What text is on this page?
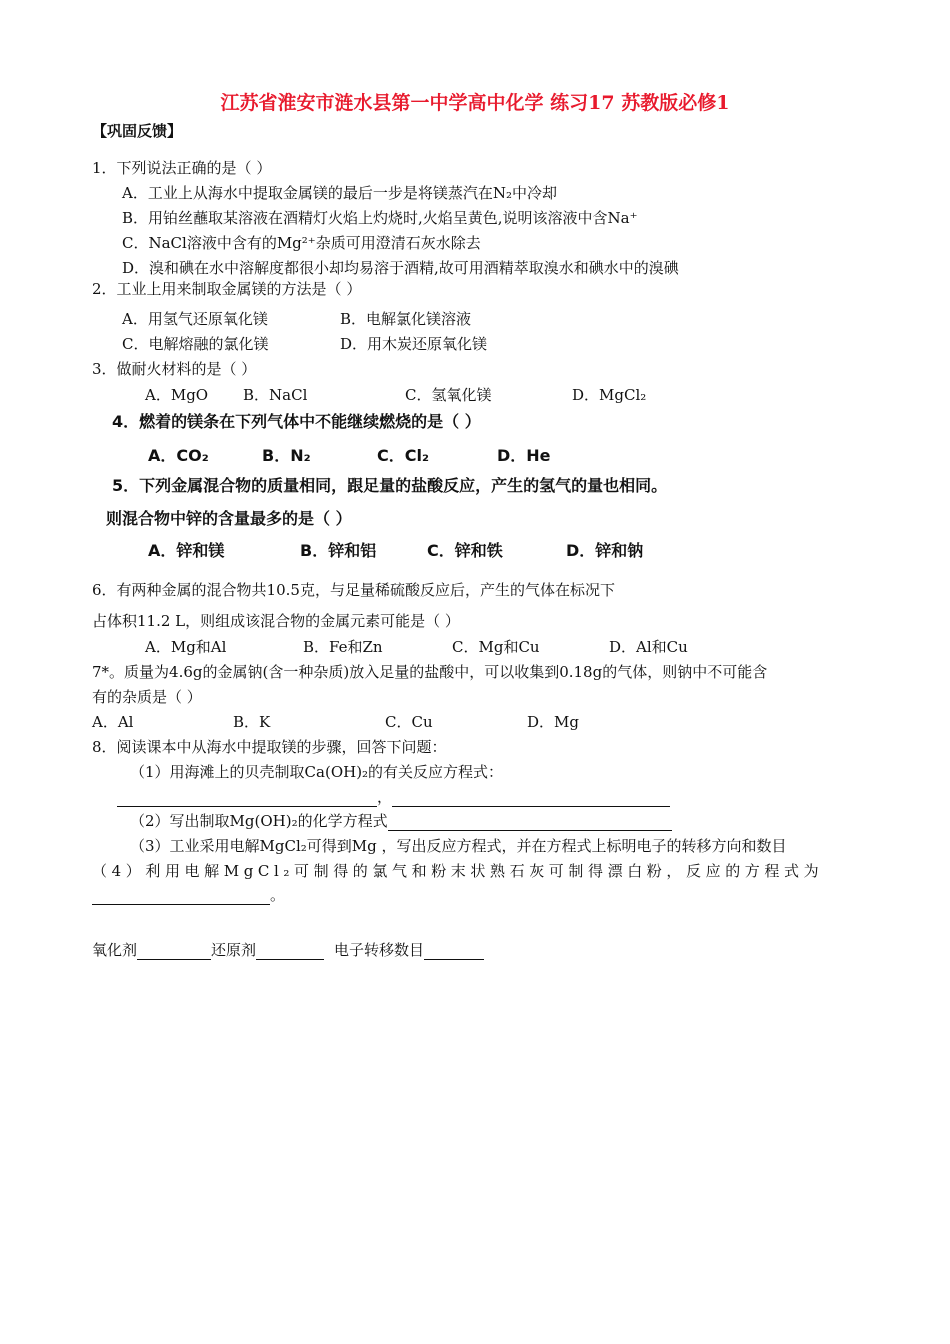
江苏省淮安市涟水县第一中学高中化学 练习17 苏教版必修1
【巩固反馈】
1．下列说法正确的是（ ）
A．工业上从海水中提取金属镁的最后一步是将镁蒸汽在N₂中冷却
B．用铂丝蘸取某溶液在酒精灯火焰上灼烧时,火焰呈黄色,说明该溶液中含Na⁺
C．NaCl溶液中含有的Mg²⁺杂质可用澄清石灰水除去
D．溴和碘在水中溶解度都很小却均易溶于酒精,故可用酒精萃取溴水和碘水中的溴碘
2．工业上用来制取金属镁的方法是（ ）
A．用氢气还原氧化镁	B．电解氯化镁溶液
C．电解熔融的氯化镁	D．用木炭还原氧化镁
3．做耐火材料的是（ ）
A．MgO B．NaCl	C．氢氧化镁	D．MgCl₂
4．燃着的镁条在下列气体中不能继续燃烧的是（ ）
A．CO₂	B．N₂	C．Cl₂	D．He
5．下列金属混合物的质量相同，跟足量的盐酸反应，产生的氢气的量也相同。
则混合物中锌的含量最多的是（ ）
A．锌和镁	B．锌和铝	C．锌和铁	D．锌和钠
6．有两种金属的混合物共10.5克，与足量稀硫酸反应后，产生的气体在标况下
占体积11.2 L，则组成该混合物的金属元素可能是（ ）
A．Mg和Al	B．Fe和Zn	C．Mg和Cu	D．Al和Cu
7*。质量为4.6g的金属钠(含一种杂质)放入足量的盐酸中，可以收集到0.18g的气体，则钠中不可能含
有的杂质是（ ）
A．Al	B．K	C．Cu	D．Mg
8．阅读课本中从海水中提取镁的步骤，回答下问题：
（1）用海滩上的贝壳制取Ca(OH)₂的有关反应方程式：
，
（2）写出制取Mg(OH)₂的化学方程式
（3）工业采用电解MgCl₂可得到Mg ，写出反应方程式，并在方程式上标明电子的转移方向和数目
（4）利用电解MgCl₂可制得的氯气和粉末状熟石灰可制得漂白粉，反应的方程式为
。
氧化剂	还原剂	电子转移数目
